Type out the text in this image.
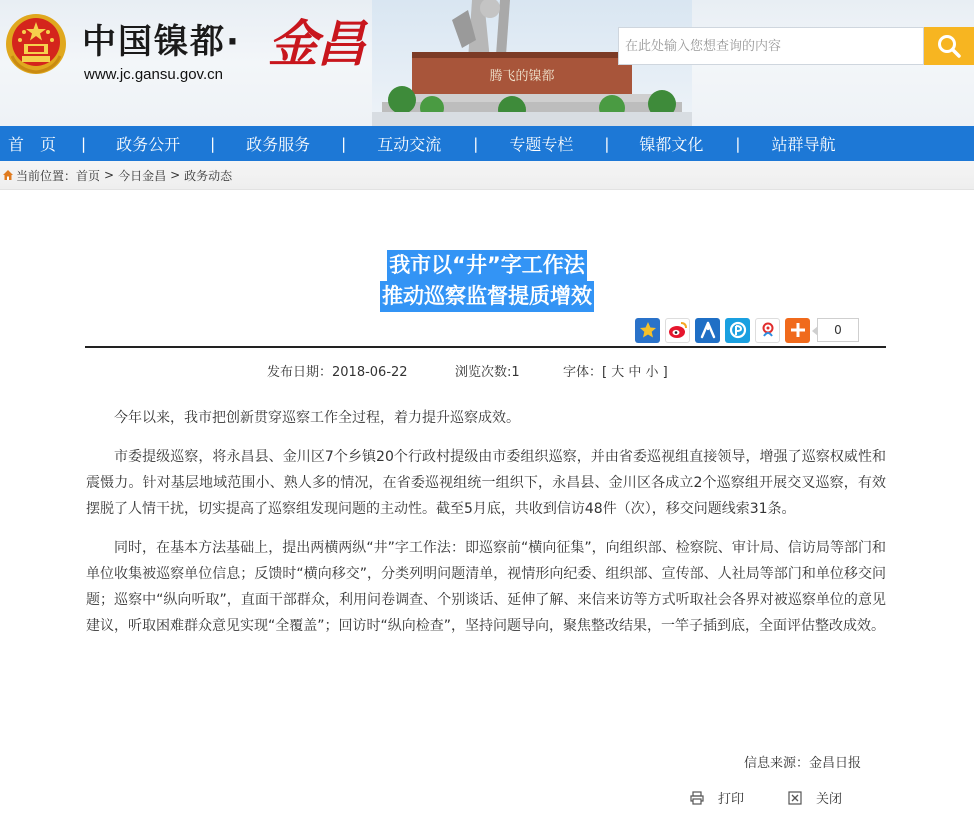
中国镍都· 金昌
www.jc.gansu.gov.cn	腾飞的镍都
在此处输入您想查询的内容
首　页 | 政务公开 | 政务服务 | 互动交流 | 专题专栏 | 镍都文化 | 站群导航
当前位置： 首页 > 今日金昌 > 政务动态
我市以“井”字工作法
推动巡察监督提质增效
0
发布日期：2018-06-22	浏览次数:1	字体：[ 大 中 小 ]

今年以来，我市把创新贯穿巡察工作全过程，着力提升巡察成效。

市委提级巡察，将永昌县、金川区7个乡镇20个行政村提级由市委组织巡察，并由省委巡视组直接领导，增强了巡察权威性和震慑力。针对基层地域范围小、熟人多的情况，在省委巡视组统一组织下，永昌县、金川区各成立2个巡察组开展交叉巡察，有效摆脱了人情干扰，切实提高了巡察组发现问题的主动性。截至5月底，共收到信访48件（次），移交问题线索31条。

同时，在基本方法基础上，提出两横两纵“井”字工作法：即巡察前“横向征集”，向组织部、检察院、审计局、信访局等部门和单位收集被巡察单位信息；反馈时“横向移交”，分类列明问题清单，视情形向纪委、组织部、宣传部、人社局等部门和单位移交问题；巡察中“纵向听取”，直面干部群众，利用问卷调查、个别谈话、延伸了解、来信来访等方式听取社会各界对被巡察单位的意见建议，听取困难群众意见实现“全覆盖”；回访时“纵向检查”，坚持问题导向，聚焦整改结果，一竿子插到底，全面评估整改成效。

信息来源：金昌日报
打印	关闭
